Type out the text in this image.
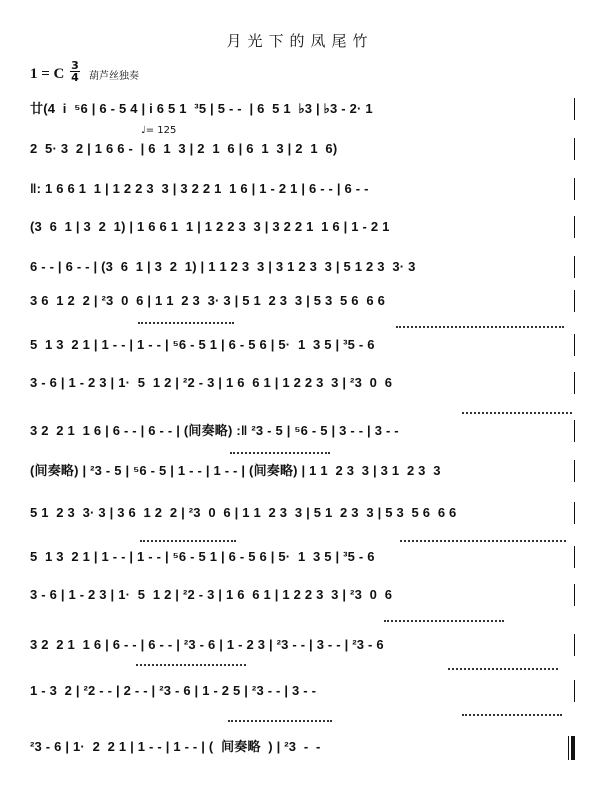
月光下的凤尾竹
1 = C
3
4 葫芦丝独奏
♩= 125
廿(4  i  ⁵6 | 6 - 5 4 | i 6 5 1  ³5 | 5 - -  | 6  5 1  ♭3 | ♭3 - 2· 1
2  5· 3  2 | 1 6 6 -  | 6  1  3 | 2  1  6 | 6  1  3 | 2  1  6)
‖: 1 6 6 1  1 | 1 2 2 3  3 | 3 2 2 1  1 6 | 1 - 2 1 | 6 - - | 6 - -
(3  6  1 | 3  2  1) | 1 6 6 1  1 | 1 2 2 3  3 | 3 2 2 1  1 6 | 1 - 2 1
6 - - | 6 - - | (3  6  1 | 3  2  1) | 1 1 2 3  3 | 3 1 2 3  3 | 5 1 2 3  3· 3
3 6  1 2  2 | ²3  0  6 | 1 1  2 3  3· 3 | 5 1  2 3  3 | 5 3  5 6  6 6
5  1 3  2 1 | 1 - - | 1 - - | ⁵6 - 5 1 | 6 - 5 6 | 5·  1  3 5 | ³5 - 6
3 - 6 | 1 - 2 3 | 1·  5  1 2 | ²2 - 3 | 1 6  6 1 | 1 2 2 3  3 | ²3  0  6
3 2  2 1  1 6 | 6 - - | 6 - - | (间奏略) :‖ ²3 - 5 | ⁵6 - 5 | 3 - - | 3 - -
(间奏略) | ²3 - 5 | ⁵6 - 5 | 1 - - | 1 - - | (间奏略) | 1 1  2 3  3 | 3 1  2 3  3
5 1  2 3  3· 3 | 3 6  1 2  2 | ²3  0  6 | 1 1  2 3  3 | 5 1  2 3  3 | 5 3  5 6  6 6
5  1 3  2 1 | 1 - - | 1 - - | ⁵6 - 5 1 | 6 - 5 6 | 5·  1  3 5 | ³5 - 6
3 - 6 | 1 - 2 3 | 1·  5  1 2 | ²2 - 3 | 1 6  6 1 | 1 2 2 3  3 | ²3  0  6
3 2  2 1  1 6 | 6 - - | 6 - - | ²3 - 6 | 1 - 2 3 | ²3 - - | 3 - - | ²3 - 6
1 - 3  2 | ²2 - - | 2 - - | ²3 - 6 | 1 - 2 5 | ²3 - - | 3 - -
²3 - 6 | 1·  2  2 1 | 1 - - | 1 - - | (  间奏略  ) | ²3  -  -
